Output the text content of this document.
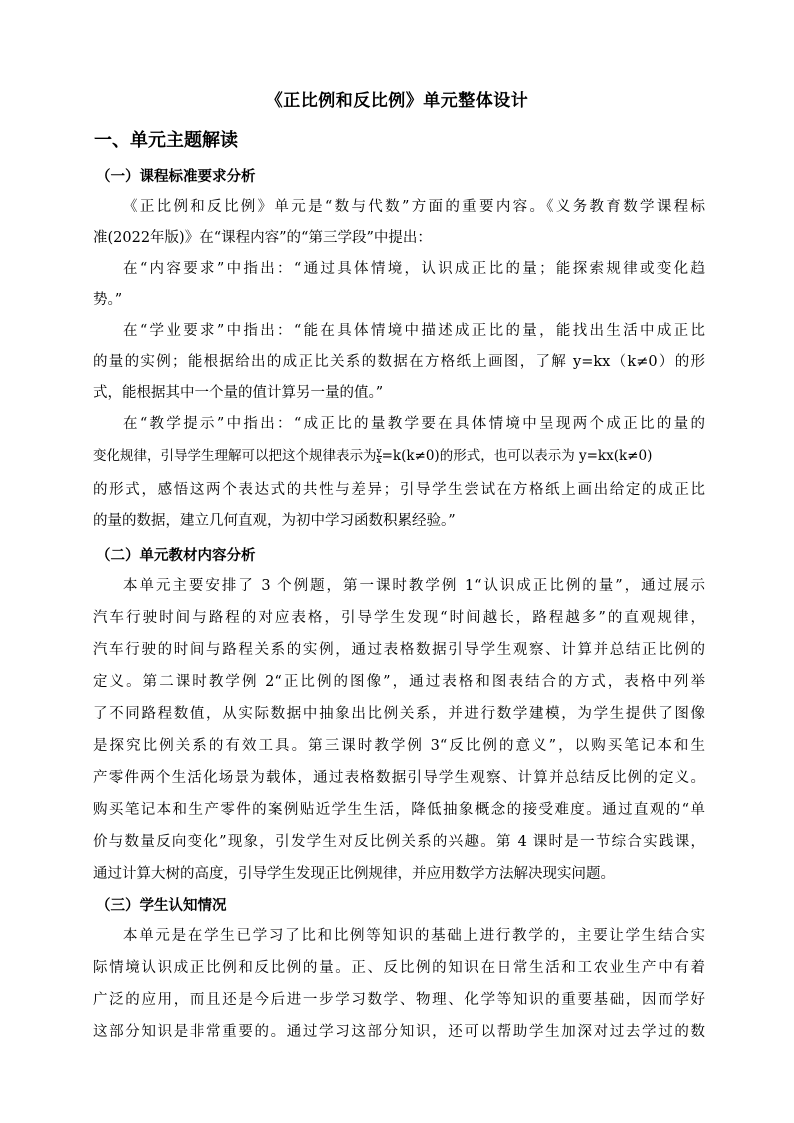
《正比例和反比例》单元整体设计
一、单元主题解读
（一）课程标准要求分析
《正比例和反比例》单元是“数与代数”方面的重要内容。《义务教育数学课程标
准(2022年版)》在“课程内容”的“第三学段”中提出：
在“内容要求”中指出：“通过具体情境，认识成正比的量；能探索规律或变化趋
势。”
在“学业要求”中指出：“能在具体情境中描述成正比的量，能找出生活中成正比
的量的实例；能根据给出的成正比关系的数据在方格纸上画图，了解 y=kx（k≠0）的形
式，能根据其中一个量的值计算另一量的值。”
在“教学提示”中指出：“成正比的量教学要在具体情境中呈现两个成正比的量的
变化规律，引导学生理解可以把这个规律表示为 $\frac{y}{x} =k(k\ne 0)$的形式，也可以表示为 y=kx(k≠0)
的形式，感悟这两个表达式的共性与差异；引导学生尝试在方格纸上画出给定的成正比
的量的数据，建立几何直观，为初中学习函数积累经验。”
（二）单元教材内容分析
本单元主要安排了 3 个例题，第一课时教学例 1“认识成正比例的量”，通过展示
汽车行驶时间与路程的对应表格，引导学生发现“时间越长，路程越多”的直观规律，
汽车行驶的时间与路程关系的实例，通过表格数据引导学生观察、计算并总结正比例的
定义。第二课时教学例 2“正比例的图像”，通过表格和图表结合的方式，表格中列举
了不同路程数值，从实际数据中抽象出比例关系，并进行数学建模，为学生提供了图像
是探究比例关系的有效工具。第三课时教学例 3“反比例的意义”，以购买笔记本和生
产零件两个生活化场景为载体，通过表格数据引导学生观察、计算并总结反比例的定义。
购买笔记本和生产零件的案例贴近学生生活，降低抽象概念的接受难度。通过直观的“单
价与数量反向变化”现象，引发学生对反比例关系的兴趣。第 4 课时是一节综合实践课，
通过计算大树的高度，引导学生发现正比例规律，并应用数学方法解决现实问题。
（三）学生认知情况
本单元是在学生已学习了比和比例等知识的基础上进行教学的，主要让学生结合实
际情境认识成正比例和反比例的量。正、反比例的知识在日常生活和工农业生产中有着
广泛的应用，而且还是今后进一步学习数学、物理、化学等知识的重要基础，因而学好
这部分知识是非常重要的。通过学习这部分知识，还可以帮助学生加深对过去学过的数
